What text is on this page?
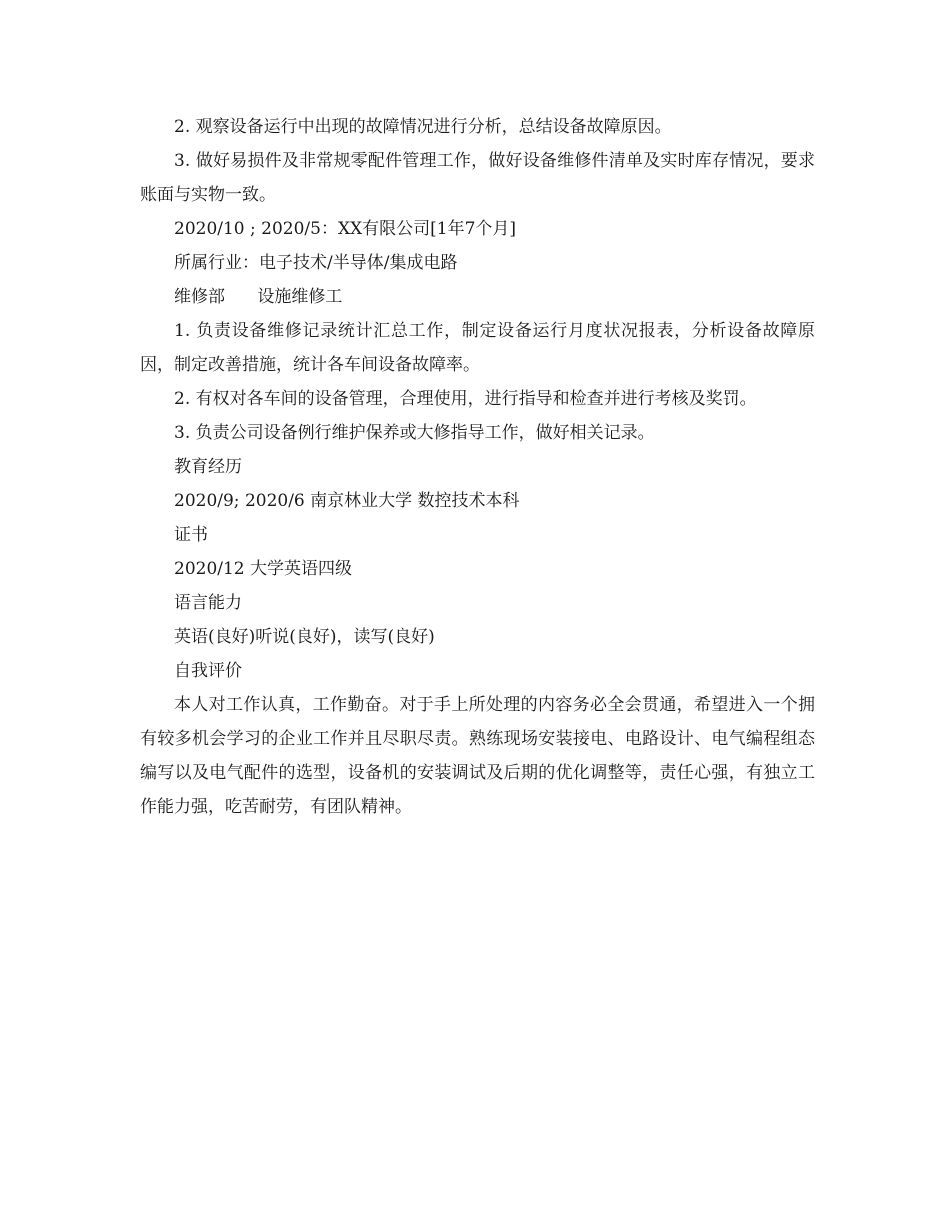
2. 观察设备运行中出现的故障情况进行分析，总结设备故障原因。

3. 做好易损件及非常规零配件管理工作，做好设备维修件清单及实时库存情况，要求账面与实物一致。

2020/10 ; 2020/5：XX有限公司[1年7个月]

所属行业：电子技术/半导体/集成电路

维修部      设施维修工

1. 负责设备维修记录统计汇总工作，制定设备运行月度状况报表，分析设备故障原因，制定改善措施，统计各车间设备故障率。

2. 有权对各车间的设备管理，合理使用，进行指导和检查并进行考核及奖罚。

3. 负责公司设备例行维护保养或大修指导工作，做好相关记录。

教育经历

2020/9; 2020/6 南京林业大学 数控技术本科

证书

2020/12 大学英语四级

语言能力

英语(良好)听说(良好)，读写(良好)

自我评价

本人对工作认真，工作勤奋。对于手上所处理的内容务必全会贯通，希望进入一个拥有较多机会学习的企业工作并且尽职尽责。熟练现场安装接电、电路设计、电气编程组态编写以及电气配件的选型，设备机的安装调试及后期的优化调整等，责任心强，有独立工作能力强，吃苦耐劳，有团队精神。
